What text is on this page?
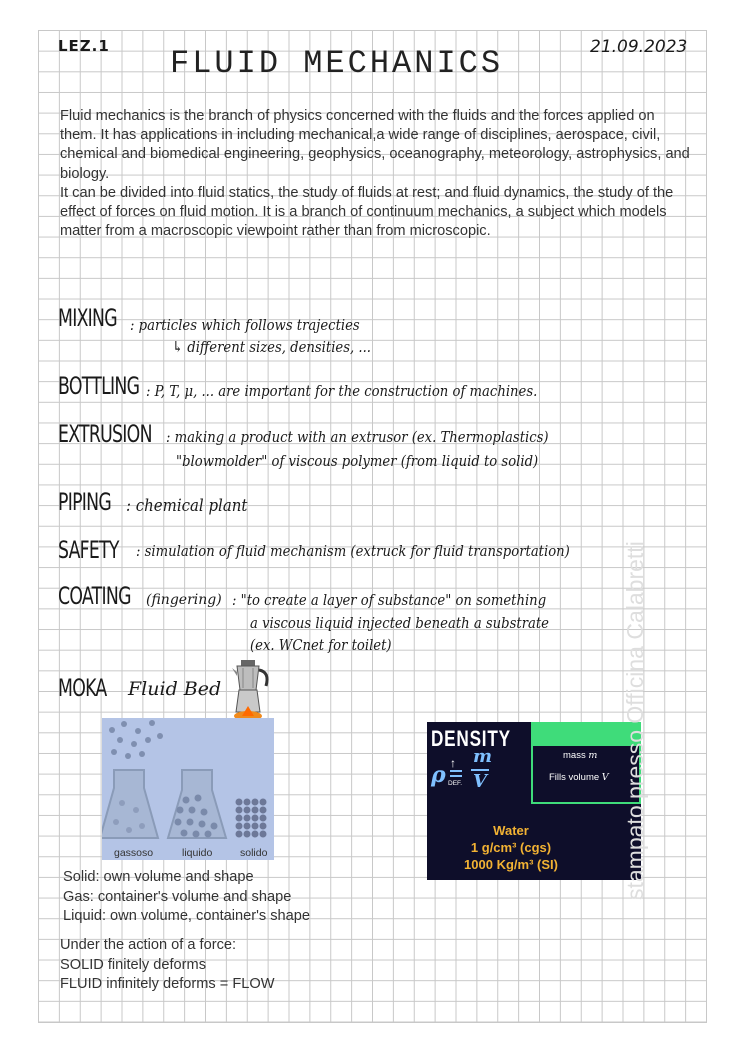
LEZ.1	21.09.2023
FLUID MECHANICS

Fluid mechanics is the branch of physics concerned with the fluids and the forces applied on them. It has applications in including mechanical,a wide range of disciplines, aerospace, civil, chemical and biomedical engineering, geophysics, oceanography, meteorology, astrophysics, and biology.

It can be divided into fluid statics, the study of fluids at rest; and fluid dynamics, the study of the effect of forces on fluid motion. It is a branch of continuum mechanics, a subject which models matter from a macroscopic viewpoint rather than from microscopic.

MIXING : particles which follows trajecties
↳ different sizes, densities, ...
BOTTLING : P, T, μ, ... are important for the construction of machines.
EXTRUSION : making a product with an extrusor (ex. Thermoplastics)
"blowmolder" of viscous polymer (from liquid to solid)
PIPING : chemical plant
SAFETY : simulation of fluid mechanism (extruck for fluid transportation)
COATING (fingering) : "to create a layer of substance" on something
a viscous liquid injected beneath a substrate
(ex. WCnet for toilet)
MOKA Fluid Bed
gassoso	liquido	solido
DENSITY
ρ ↑
DEF.
m
V
mass m
Fills volume V
Water
1 g/cm³ (cgs)
1000 Kg/m³ (SI)
Solid: own volume and shape
Gas: container's volume and shape
Liquid: own volume, container's shape
Under the action of a force:
SOLID finitely deforms
FLUID infinitely deforms = FLOW
stampato presso Officina Calabretti
